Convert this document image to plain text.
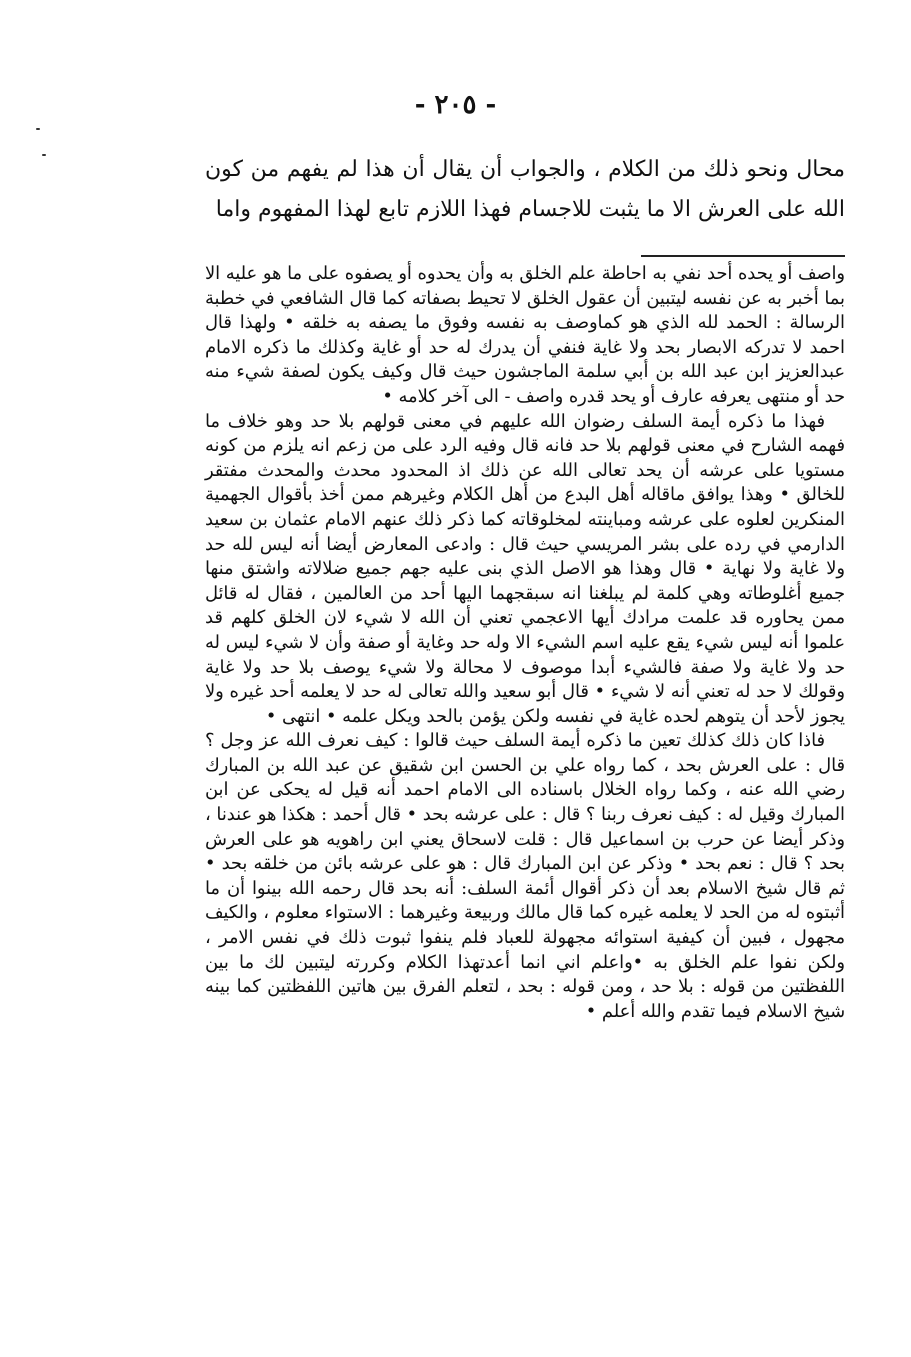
- ٢٠٥ -

محال ونحو ذلك من الكلام ، والجواب أن يقال أن هذا لم يفهم من كون الله على العرش الا ما يثبت للاجسام فهذا اللازم تابع لهذا المفهوم واما

واصف أو يحده أحد نفي به احاطة علم الخلق به وأن يحدوه أو يصفوه على ما هو عليه الا بما أخبر به عن نفسه ليتبين أن عقول الخلق لا تحيط بصفاته كما قال الشافعي في خطبة الرسالة : الحمد لله الذي هو كماوصف به نفسه وفوق ما يصفه به خلقه • ولهذا قال احمد لا تدركه الابصار بحد ولا غاية فنفي أن يدرك له حد أو غاية وكذلك ما ذكره الامام عبدالعزيز ابن عبد الله بن أبي سلمة الماجشون حيث قال وكيف يكون لصفة شيء منه حد أو منتهى يعرفه عارف أو يحد قدره واصف - الى آخر كلامه •

فهذا ما ذكره أيمة السلف رضوان الله عليهم في معنى قولهم بلا حد وهو خلاف ما فهمه الشارح في معنى قولهم بلا حد فانه قال وفيه الرد على من زعم انه يلزم من كونه مستويا على عرشه أن يحد تعالى الله عن ذلك اذ المحدود محدث والمحدث مفتقر للخالق • وهذا يوافق ماقاله أهل البدع من أهل الكلام وغيرهم ممن أخذ بأقوال الجهمية المنكرين لعلوه على عرشه ومباينته لمخلوقاته كما ذكر ذلك عنهم الامام عثمان بن سعيد الدارمي في رده على بشر المريسي حيث قال : وادعى المعارض أيضا أنه ليس لله حد ولا غاية ولا نهاية • قال وهذا هو الاصل الذي بنى عليه جهم جميع ضلالاته واشتق منها جميع أغلوطاته وهي كلمة لم يبلغنا انه سبقجهما اليها أحد من العالمين ، فقال له قائل ممن يحاوره قد علمت مرادك أيها الاعجمي تعني أن الله لا شيء لان الخلق كلهم قد علموا أنه ليس شيء يقع عليه اسم الشيء الا وله حد وغاية أو صفة وأن لا شيء ليس له حد ولا غاية ولا صفة فالشيء أبدا موصوف لا محالة ولا شيء يوصف بلا حد ولا غاية وقولك لا حد له تعني أنه لا شيء • قال أبو سعيد والله تعالى له حد لا يعلمه أحد غيره ولا يجوز لأحد أن يتوهم لحده غاية في نفسه ولكن يؤمن بالحد ويكل علمه • انتهى •

فاذا كان ذلك كذلك تعين ما ذكره أيمة السلف حيث قالوا : كيف نعرف الله عز وجل ؟ قال : على العرش بحد ، كما رواه علي بن الحسن ابن شقيق عن عبد الله بن المبارك رضي الله عنه ، وكما رواه الخلال باسناده الى الامام احمد أنه قيل له يحكى عن ابن المبارك وقيل له : كيف نعرف ربنا ؟ قال : على عرشه بحد • قال أحمد : هكذا هو عندنا ، وذكر أيضا عن حرب بن اسماعيل قال : قلت لاسحاق يعني ابن راهويه هو على العرش بحد ؟ قال : نعم بحد • وذكر عن ابن المبارك قال : هو على عرشه بائن من خلقه بحد • ثم قال شيخ الاسلام بعد أن ذكر أقوال أئمة السلف: أنه بحد قال رحمه الله بينوا أن ما أثبتوه له من الحد لا يعلمه غيره كما قال مالك وربيعة وغيرهما : الاستواء معلوم ، والكيف مجهول ، فبين أن كيفية استوائه مجهولة للعباد فلم ينفوا ثبوت ذلك في نفس الامر ، ولكن نفوا علم الخلق به •واعلم اني انما أعدتهذا الكلام وكررته ليتبين لك ما بين اللفظتين من قوله : بلا حد ، ومن قوله : بحد ، لتعلم الفرق بين هاتين اللفظتين كما بينه شيخ الاسلام فيما تقدم والله أعلم •
